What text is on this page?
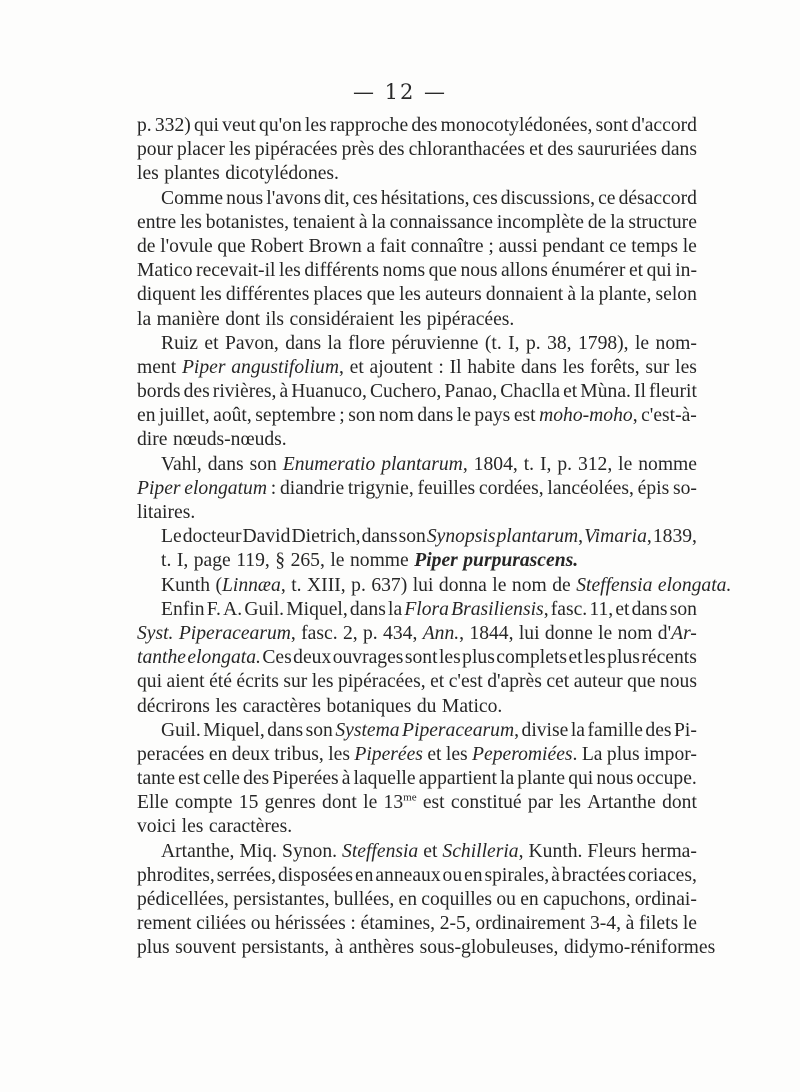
— 12 —
p. 332) qui veut qu'on les rapproche des monocotylédonées, sont d'accord
pour placer les pipéracées près des chloranthacées et des saururiées dans
les plantes dicotylédones.
Comme nous l'avons dit, ces hésitations, ces discussions, ce désaccord
entre les botanistes, tenaient à la connaissance incomplète de la structure
de l'ovule que Robert Brown a fait connaître ; aussi pendant ce temps le
Matico recevait-il les différents noms que nous allons énumérer et qui in-
diquent les différentes places que les auteurs donnaient à la plante, selon
la manière dont ils considéraient les pipéracées.
Ruiz et Pavon, dans la flore péruvienne (t. I, p. 38, 1798), le nom-
ment Piper angustifolium, et ajoutent : Il habite dans les forêts, sur les
bords des rivières, à Huanuco, Cuchero, Panao, Chaclla et Mùna. Il fleurit
en juillet, août, septembre ; son nom dans le pays est moho-moho, c'est-à-
dire nœuds-nœuds.
Vahl, dans son Enumeratio plantarum, 1804, t. I, p. 312, le nomme
Piper elongatum : diandrie trigynie, feuilles cordées, lancéolées, épis so-
litaires.
Le docteur David Dietrich, dans son Synopsis plantarum, Vimaria, 1839,
t. I, page 119, § 265, le nomme Piper purpurascens.
Kunth (Linnæa, t. XIII, p. 637) lui donna le nom de Steffensia elongata.
Enfin F. A. Guil. Miquel, dans la Flora Brasiliensis, fasc. 11, et dans son
Syst. Piperacearum, fasc. 2, p. 434, Ann., 1844, lui donne le nom d'Ar-
tanthe elongata. Ces deux ouvrages sont les plus complets et les plus récents
qui aient été écrits sur les pipéracées, et c'est d'après cet auteur que nous
décrirons les caractères botaniques du Matico.
Guil. Miquel, dans son Systema Piperacearum, divise la famille des Pi-
peracées en deux tribus, les Piperées et les Peperomiées. La plus impor-
tante est celle des Piperées à laquelle appartient la plante qui nous occupe.
Elle compte 15 genres dont le $13^{me}$ est constitué par les Artanthe dont
voici les caractères.
Artanthe, Miq. Synon. Steffensia et Schilleria, Kunth. Fleurs herma-
phrodites, serrées, disposées en anneaux ou en spirales, à bractées coriaces,
pédicellées, persistantes, bullées, en coquilles ou en capuchons, ordinai-
rement ciliées ou hérissées : étamines, 2-5, ordinairement 3-4, à filets le
plus souvent persistants, à anthères sous-globuleuses, didymo-réniformes
